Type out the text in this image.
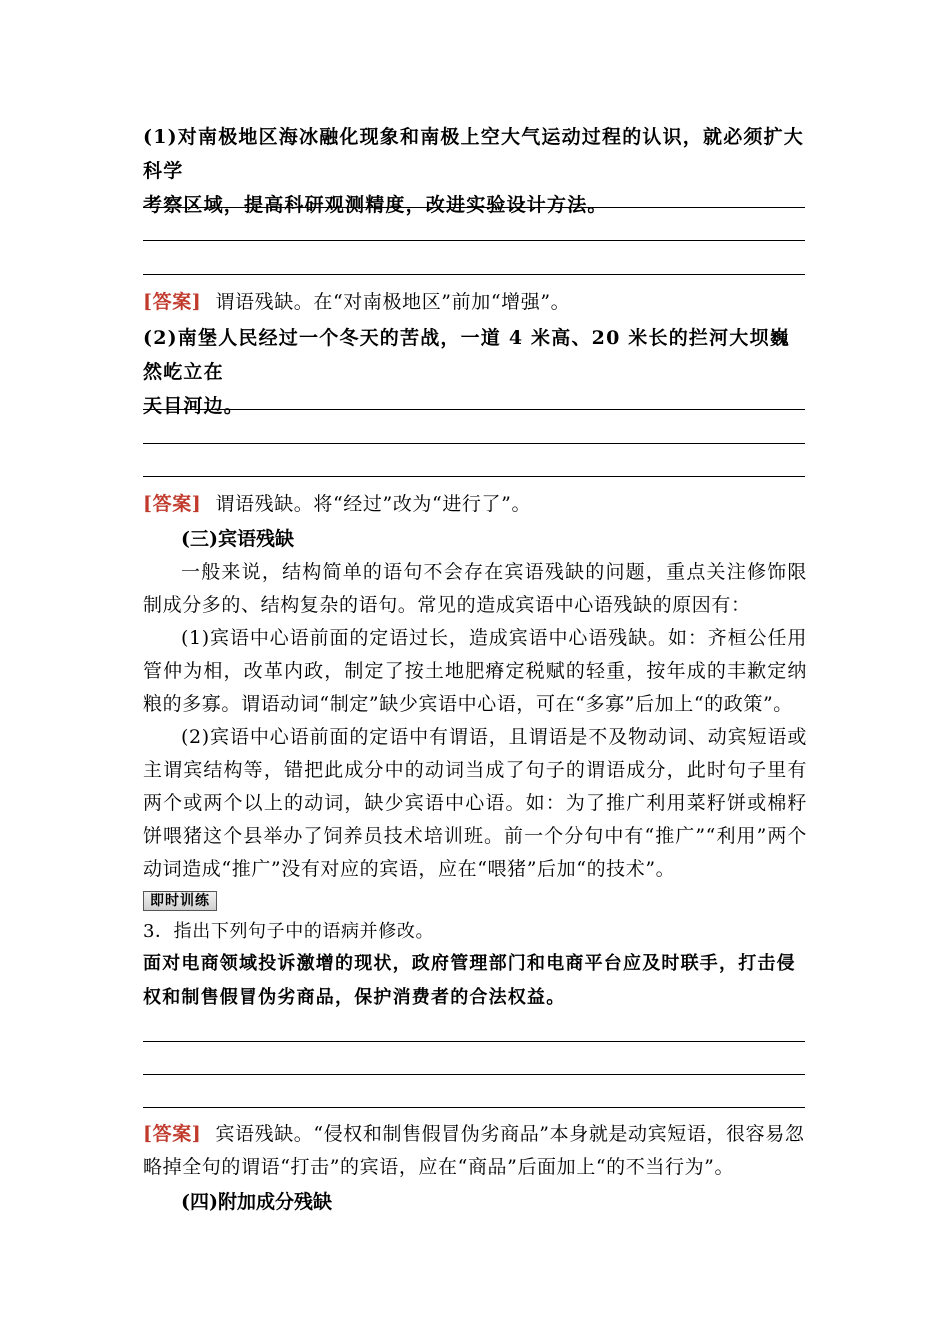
(1)对南极地区海冰融化现象和南极上空大气运动过程的认识，就必须扩大科学

考察区域，提高科研观测精度，改进实验设计方法。

[答案] 谓语残缺。在“对南极地区”前加“增强”。

(2)南堡人民经过一个冬天的苦战，一道 4 米高、20 米长的拦河大坝巍然屹立在

天目河边。

[答案] 谓语残缺。将“经过”改为“进行了”。

(三)宾语残缺

一般来说，结构简单的语句不会存在宾语残缺的问题，重点关注修饰限制成分多的、结构复杂的语句。常见的造成宾语中心语残缺的原因有：

(1)宾语中心语前面的定语过长，造成宾语中心语残缺。如：齐桓公任用管仲为相，改革内政，制定了按土地肥瘠定税赋的轻重，按年成的丰歉定纳粮的多寡。谓语动词“制定”缺少宾语中心语，可在“多寡”后加上“的政策”。

(2)宾语中心语前面的定语中有谓语，且谓语是不及物动词、动宾短语或主谓宾结构等，错把此成分中的动词当成了句子的谓语成分，此时句子里有两个或两个以上的动词，缺少宾语中心语。如：为了推广利用菜籽饼或棉籽饼喂猪这个县举办了饲养员技术培训班。前一个分句中有“推广”“利用”两个动词造成“推广”没有对应的宾语，应在“喂猪”后加“的技术”。

即时训练

3．指出下列句子中的语病并修改。

面对电商领域投诉激增的现状，政府管理部门和电商平台应及时联手，打击侵

权和制售假冒伪劣商品，保护消费者的合法权益。

[答案] 宾语残缺。“侵权和制售假冒伪劣商品”本身就是动宾短语，很容易忽略掉全句的谓语“打击”的宾语，应在“商品”后面加上“的不当行为”。

(四)附加成分残缺
